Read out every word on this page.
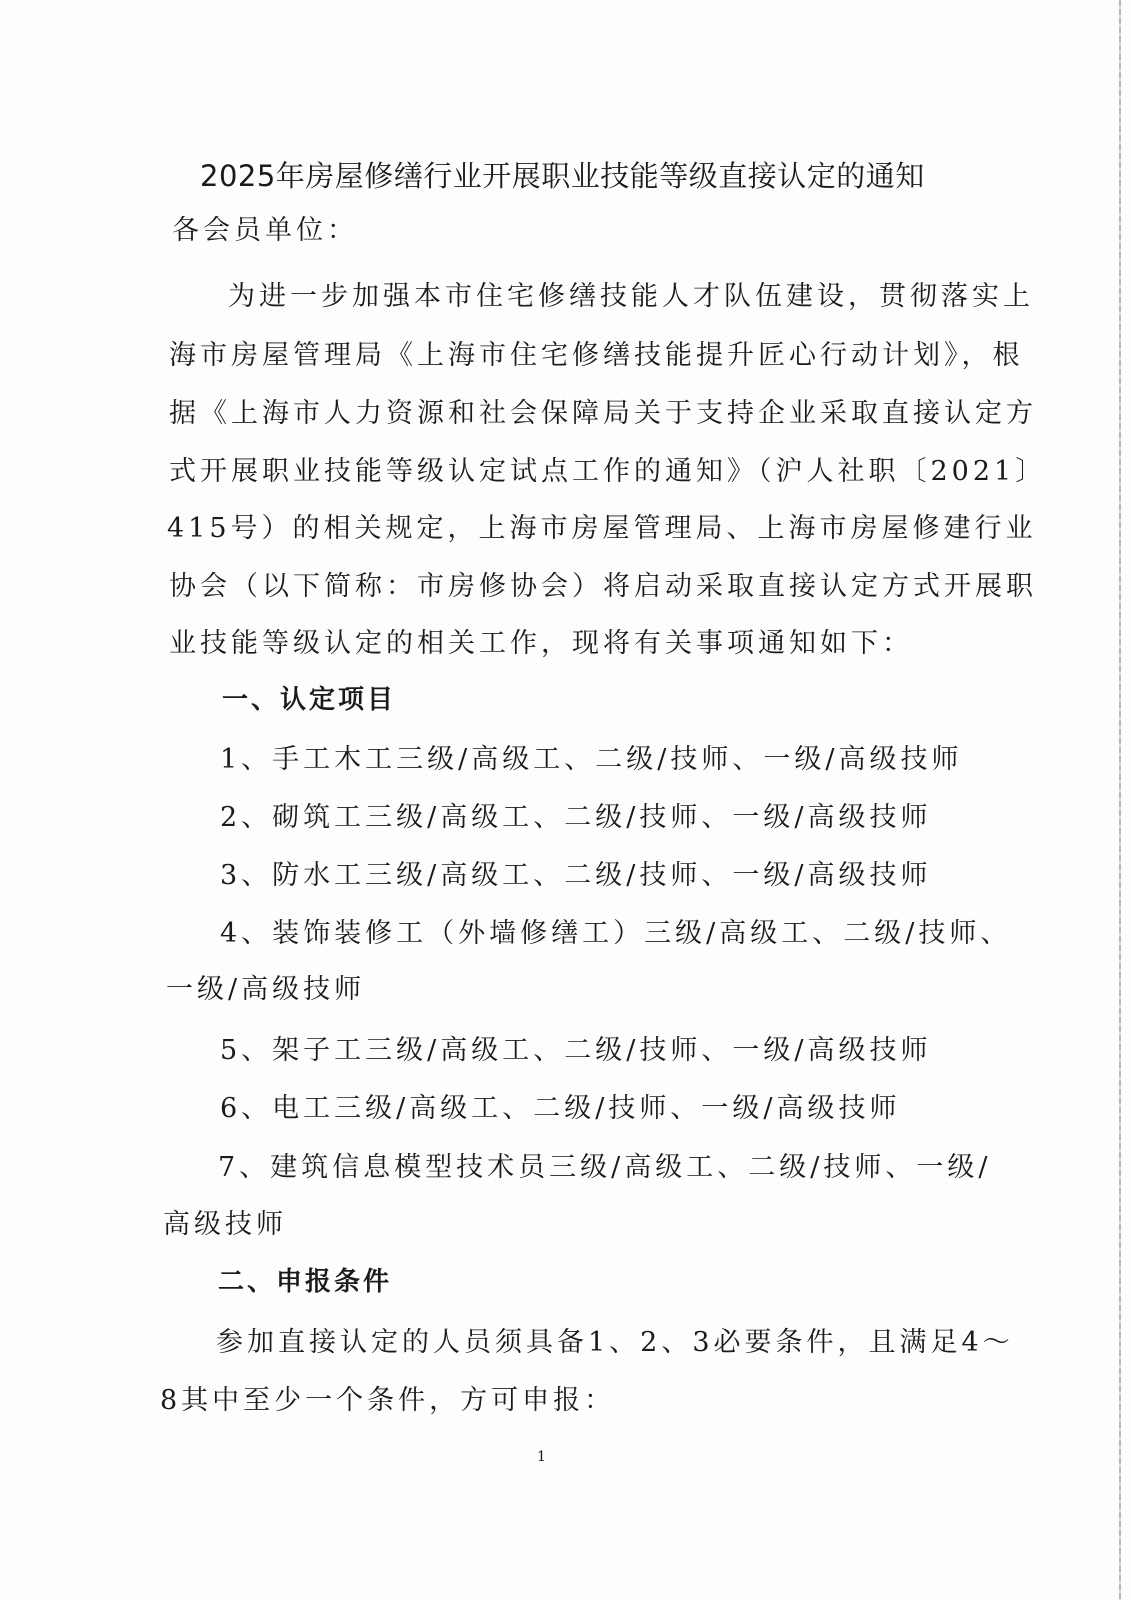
2025年房屋修缮行业开展职业技能等级直接认定的通知
各会员单位：
为进一步加强本市住宅修缮技能人才队伍建设，贯彻落实上
海市房屋管理局《上海市住宅修缮技能提升匠心行动计划》，根
据《上海市人力资源和社会保障局关于支持企业采取直接认定方
式开展职业技能等级认定试点工作的通知》（沪人社职〔2021〕
415号）的相关规定，上海市房屋管理局、上海市房屋修建行业
协会（以下简称：市房修协会）将启动采取直接认定方式开展职
业技能等级认定的相关工作，现将有关事项通知如下：
一、认定项目
1、手工木工三级/高级工、二级/技师、一级/高级技师
2、砌筑工三级/高级工、二级/技师、一级/高级技师
3、防水工三级/高级工、二级/技师、一级/高级技师
4、装饰装修工（外墙修缮工）三级/高级工、二级/技师、
一级/高级技师
5、架子工三级/高级工、二级/技师、一级/高级技师
6、电工三级/高级工、二级/技师、一级/高级技师
7、建筑信息模型技术员三级/高级工、二级/技师、一级/
高级技师
二、申报条件
参加直接认定的人员须具备1、2、3必要条件，且满足4～
8其中至少一个条件，方可申报：
1
